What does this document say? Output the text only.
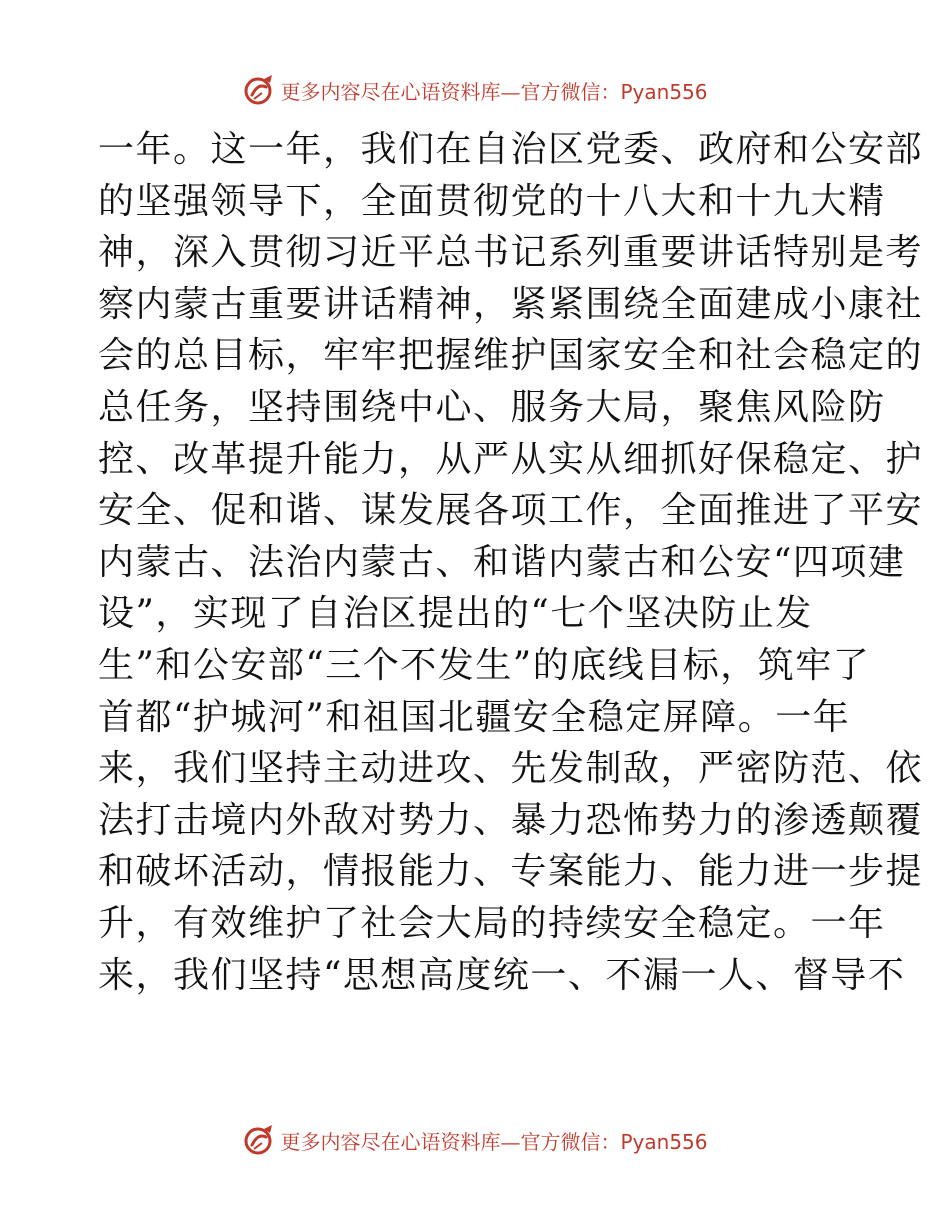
更多内容尽在心语资料库—官方微信：Pyan556
一年。这一年，我们在自治区党委、政府和公安部
的坚强领导下，全面贯彻党的十八大和十九大精
神，深入贯彻习近平总书记系列重要讲话特别是考
察内蒙古重要讲话精神，紧紧围绕全面建成小康社
会的总目标，牢牢把握维护国家安全和社会稳定的
总任务，坚持围绕中心、服务大局，聚焦风险防
控、改革提升能力，从严从实从细抓好保稳定、护
安全、促和谐、谋发展各项工作，全面推进了平安
内蒙古、法治内蒙古、和谐内蒙古和公安“四项建
设”，实现了自治区提出的“七个坚决防止发
生”和公安部“三个不发生”的底线目标，筑牢了
首都“护城河”和祖国北疆安全稳定屏障。一年
来，我们坚持主动进攻、先发制敌，严密防范、依
法打击境内外敌对势力、暴力恐怖势力的渗透颠覆
和破坏活动，情报能力、专案能力、能力进一步提
升，有效维护了社会大局的持续安全稳定。一年
来，我们坚持“思想高度统一、不漏一人、督导不
更多内容尽在心语资料库—官方微信：Pyan556
